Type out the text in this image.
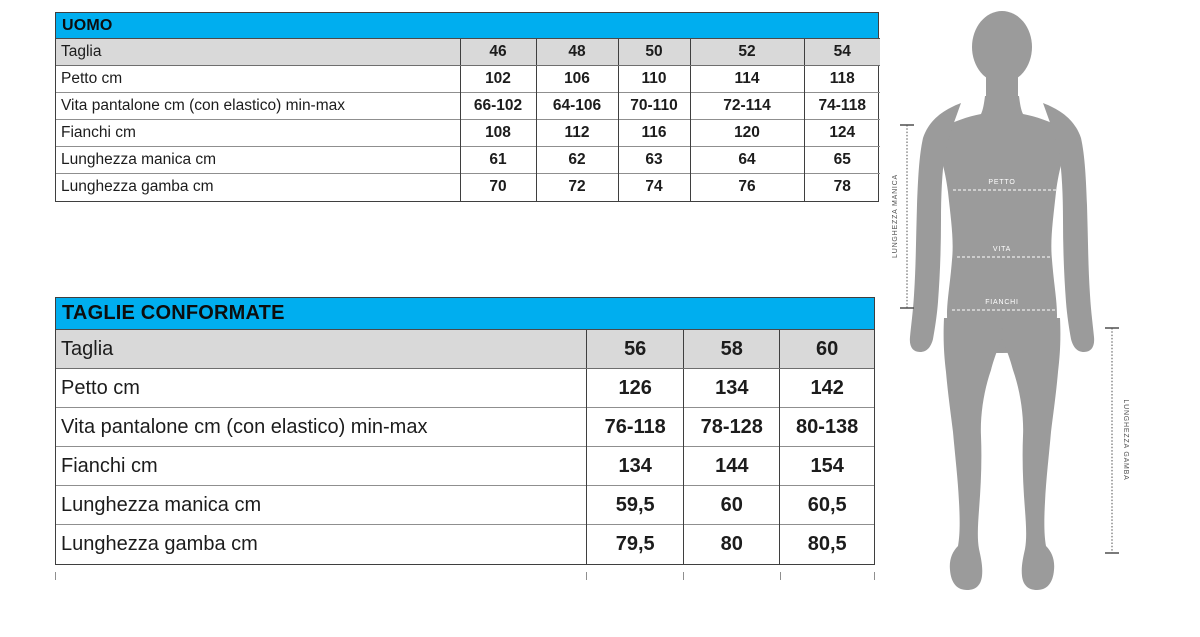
UOMO
Taglia	46	48	50	52	54
Petto cm	102	106	110	114	118
Vita pantalone cm (con elastico) min-max	66-102	64-106	70-110	72-114	74-118
Fianchi cm	108	112	116	120	124
Lunghezza manica cm	61	62	63	64	65
Lunghezza gamba cm	70	72	74	76	78
TAGLIE CONFORMATE
Taglia	56	58	60
Petto cm	126	134	142
Vita pantalone cm (con elastico) min-max	76-118	78-128	80-138
Fianchi cm	134	144	154
Lunghezza manica cm	59,5	60	60,5
Lunghezza gamba cm	79,5	80	80,5
PETTO
VITA
FIANCHI
LUNGHEZZA MANICA
LUNGHEZZA GAMBA
